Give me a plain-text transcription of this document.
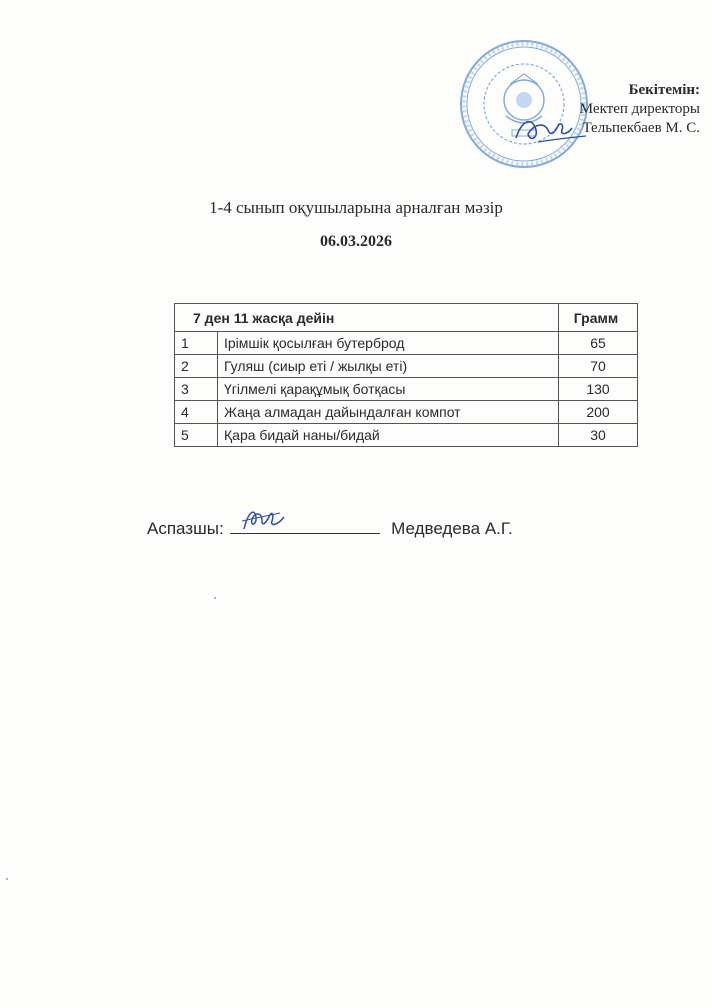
Бекітемін:
Мектеп директоры
Тельпекбаев М. С.
1-4 сынып оқушыларына арналған мәзір
06.03.2026
7 ден 11 жасқа дейін		Грамм
1	Ірімшік қосылған бутерброд	65
2	Гуляш (сиыр еті / жылқы еті)	70
3	Үгілмелі қарақұмық ботқасы	130
4	Жаңа алмадан дайындалған компот	200
5	Қара бидай наны/бидай	30
Аспазшы:	Медведева А.Г.
